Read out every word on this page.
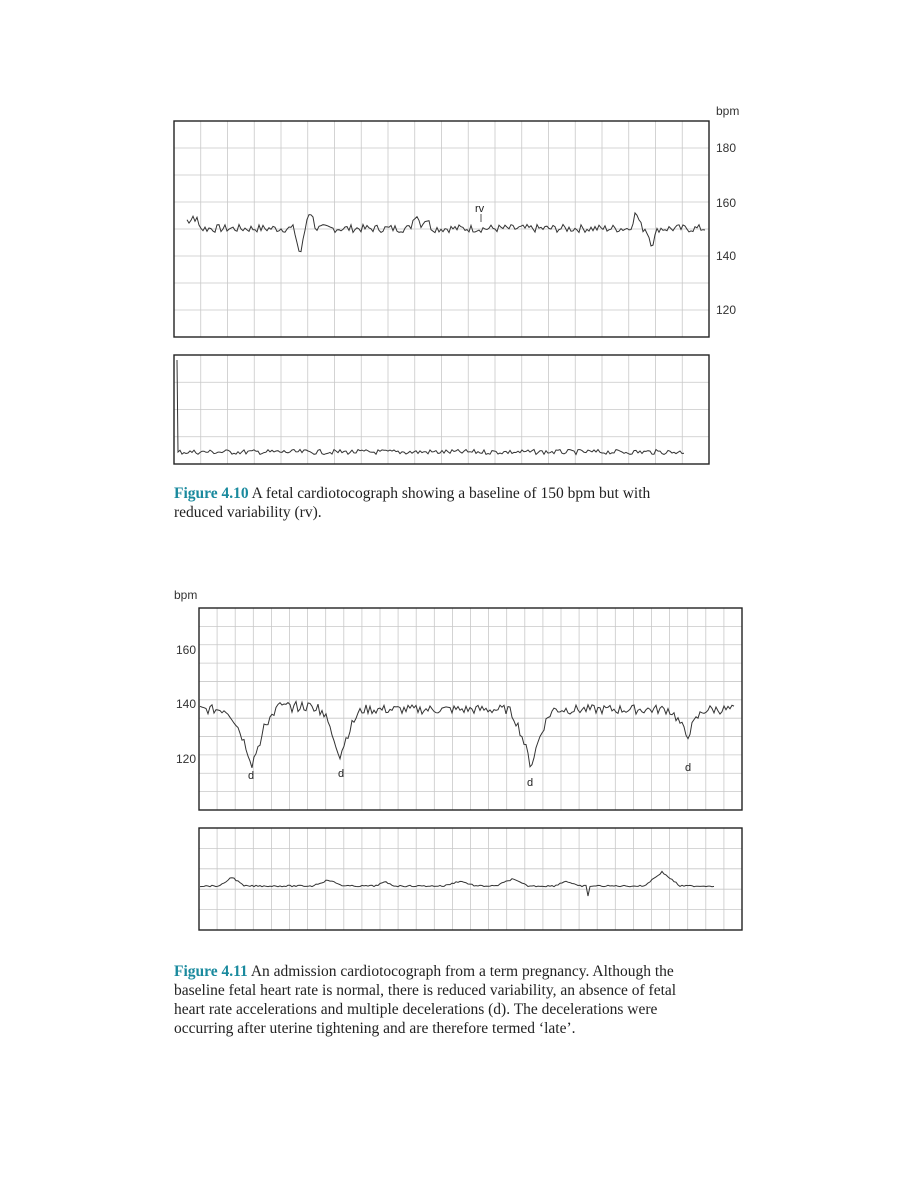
bpm
180
160
140
120
rv
Figure 4.10 A fetal cardiotocograph showing a baseline of 150 bpm but with
reduced variability (rv).
bpm
160
140
120
d	d
d
d
Figure 4.11 An admission cardiotocograph from a term pregnancy. Although the
baseline fetal heart rate is normal, there is reduced variability, an absence of fetal
heart rate accelerations and multiple decelerations (d). The decelerations were
occurring after uterine tightening and are therefore termed ‘late’.
